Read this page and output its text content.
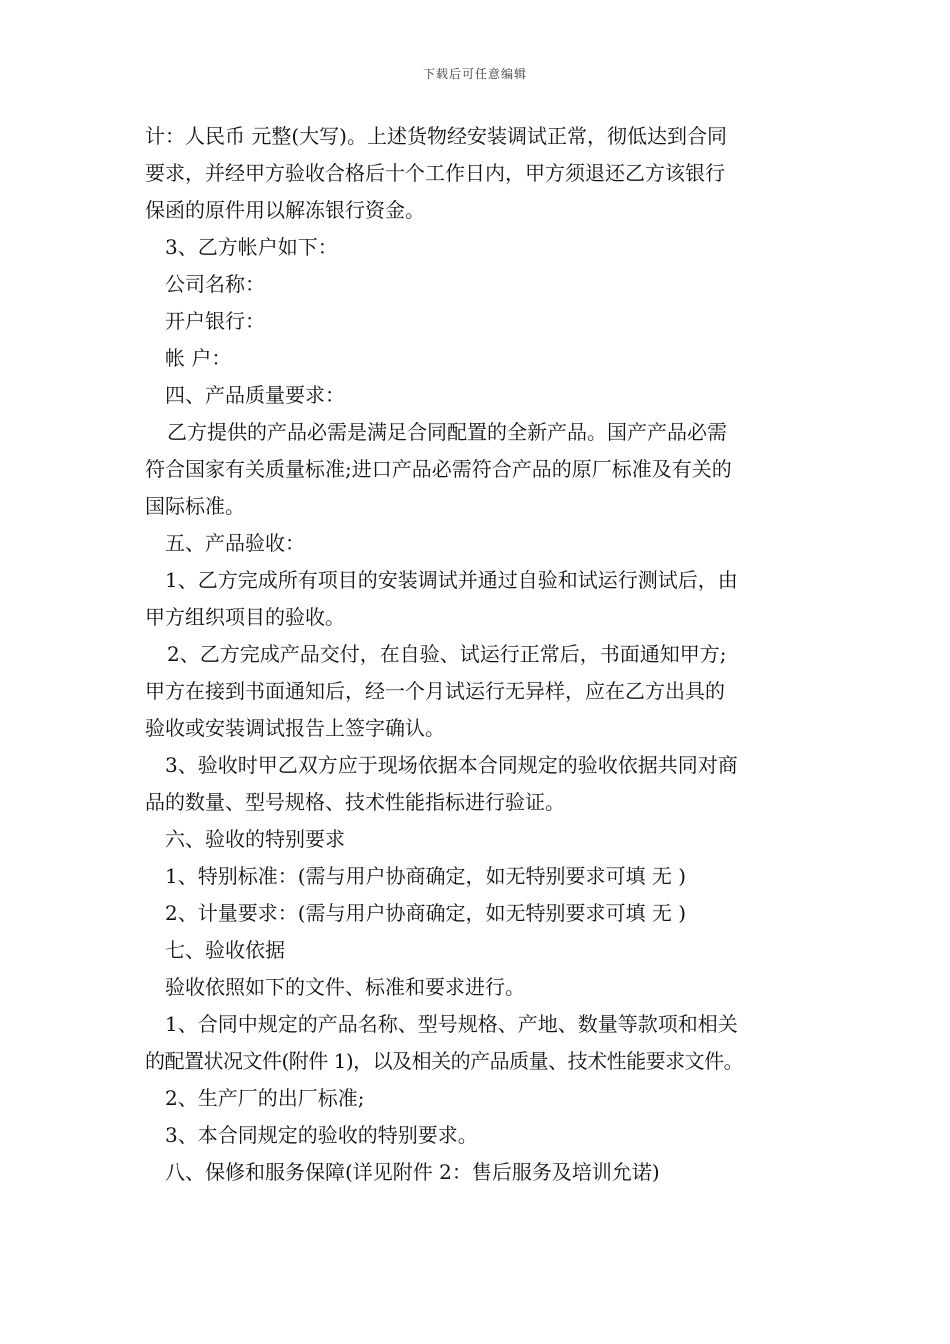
下载后可任意编辑

计：人民币 元整(大写)。上述货物经安装调试正常，彻低达到合同

要求，并经甲方验收合格后十个工作日内，甲方须退还乙方该银行

保函的原件用以解冻银行资金。

3、乙方帐户如下：

公司名称：

开户银行：

帐 户：

四、产品质量要求：

乙方提供的产品必需是满足合同配置的全新产品。国产产品必需

符合国家有关质量标准;进口产品必需符合产品的原厂标准及有关的

国际标准。

五、产品验收：

1、乙方完成所有项目的安装调试并通过自验和试运行测试后，由

甲方组织项目的验收。

2、乙方完成产品交付，在自验、试运行正常后，书面通知甲方;

甲方在接到书面通知后，经一个月试运行无异样，应在乙方出具的

验收或安装调试报告上签字确认。

3、验收时甲乙双方应于现场依据本合同规定的验收依据共同对商

品的数量、型号规格、技术性能指标进行验证。

六、验收的特别要求

1、特别标准：(需与用户协商确定，如无特别要求可填 无 )

2、计量要求：(需与用户协商确定，如无特别要求可填 无 )

七、验收依据

验收依照如下的文件、标准和要求进行。

1、合同中规定的产品名称、型号规格、产地、数量等款项和相关

的配置状况文件(附件 1)，以及相关的产品质量、技术性能要求文件。

2、生产厂的出厂标准;

3、本合同规定的验收的特别要求。

八、保修和服务保障(详见附件 2：售后服务及培训允诺)
